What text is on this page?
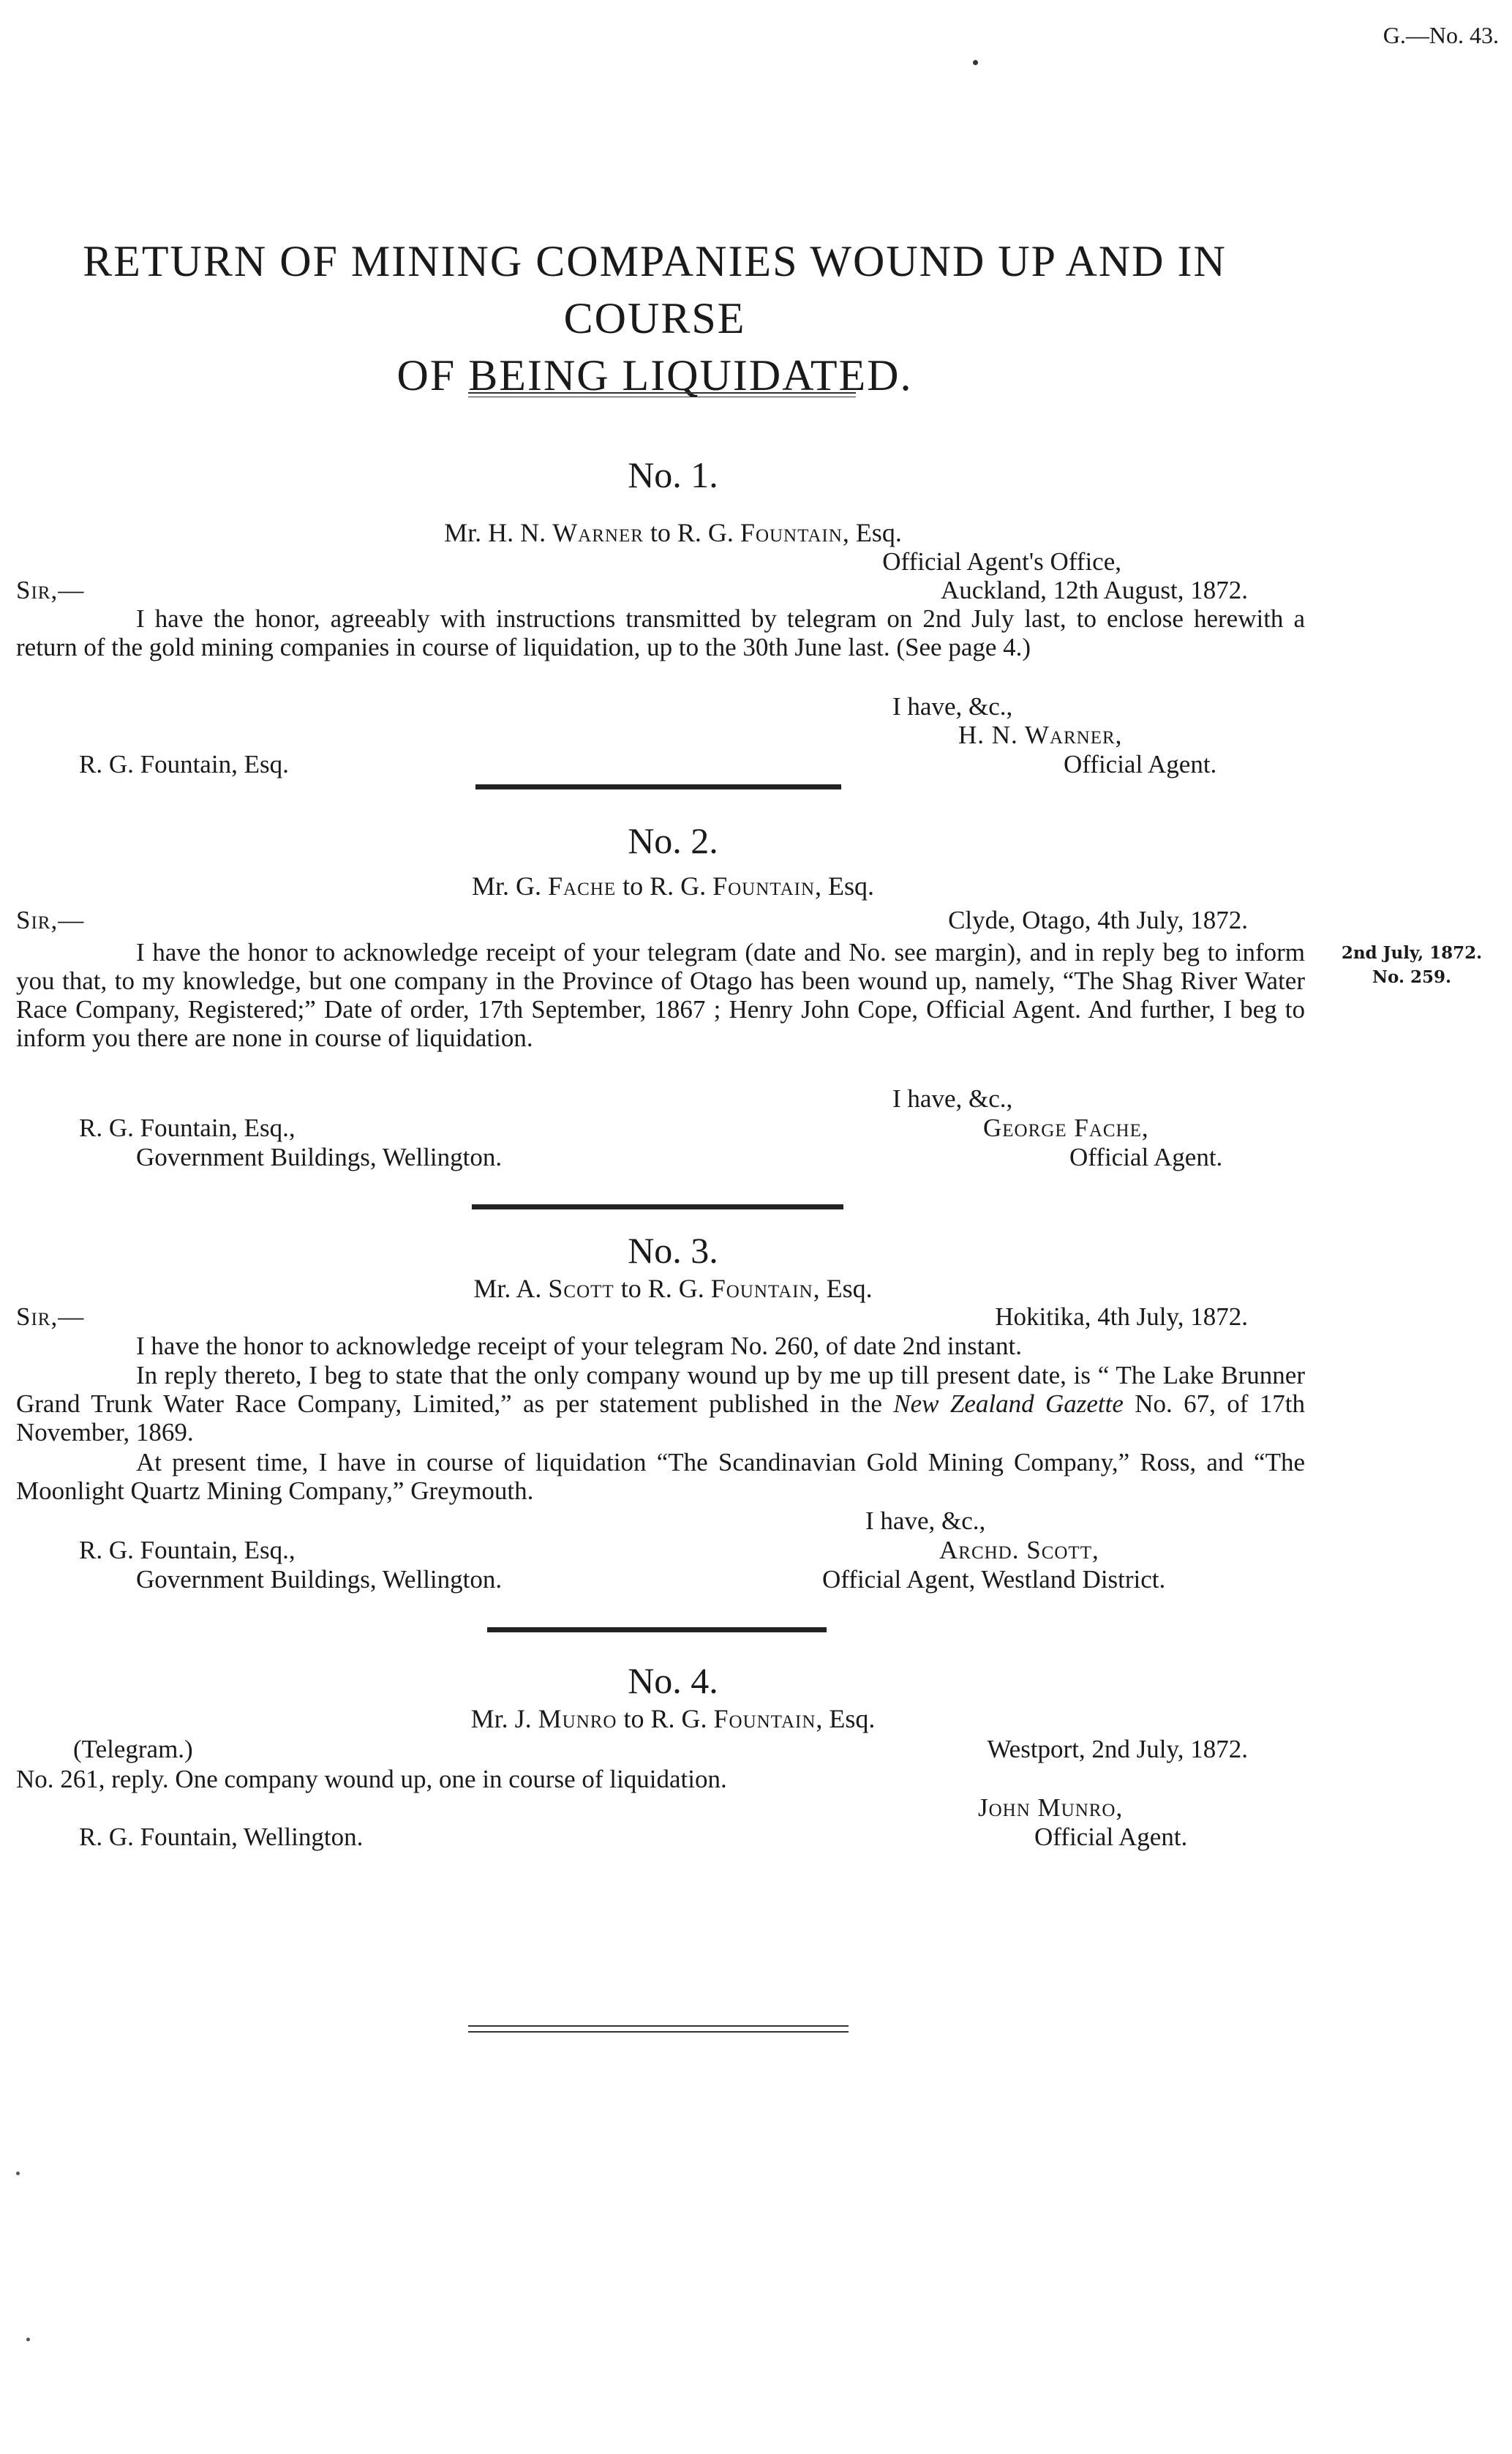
G.—No. 43.
RETURN OF MINING COMPANIES WOUND UP AND IN COURSE
OF BEING LIQUIDATED.
No. 1.
Mr. H. N. Warner to R. G. Fountain, Esq.
Official Agent's Office,
Sir,—	Auckland, 12th August, 1872.
I have the honor, agreeably with instructions transmitted by telegram on 2nd July last, to enclose herewith a return of the gold mining companies in course of liquidation, up to the 30th June last. (See page 4.)
I have, &c.,
H. N. Warner,
R. G. Fountain, Esq.	Official Agent.
No. 2.
Mr. G. Fache to R. G. Fountain, Esq.
Sir,—	Clyde, Otago, 4th July, 1872.
I have the honor to acknowledge receipt of your telegram (date and No. see margin), and in reply beg to inform you that, to my knowledge, but one company in the Province of Otago has been wound up, namely, “The Shag River Water Race Company, Registered;” Date of order, 17th September, 1867 ; Henry John Cope, Official Agent. And further, I beg to inform you there are none in course of liquidation.
2nd July, 1872.
No. 259.
I have, &c.,
R. G. Fountain, Esq.,	George Fache,
Government Buildings, Wellington.	Official Agent.
No. 3.
Mr. A. Scott to R. G. Fountain, Esq.
Sir,—	Hokitika, 4th July, 1872.
I have the honor to acknowledge receipt of your telegram No. 260, of date 2nd instant.
In reply thereto, I beg to state that the only company wound up by me up till present date, is “ The Lake Brunner Grand Trunk Water Race Company, Limited,” as per statement published in the New Zealand Gazette No. 67, of 17th November, 1869.
At present time, I have in course of liquidation “The Scandinavian Gold Mining Company,” Ross, and “The Moonlight Quartz Mining Company,” Greymouth.
I have, &c.,
R. G. Fountain, Esq.,	Archd. Scott,
Government Buildings, Wellington.	Official Agent, Westland District.
No. 4.
Mr. J. Munro to R. G. Fountain, Esq.
(Telegram.)	Westport, 2nd July, 1872.
No. 261, reply. One company wound up, one in course of liquidation.
John Munro,
R. G. Fountain, Wellington.	Official Agent.
